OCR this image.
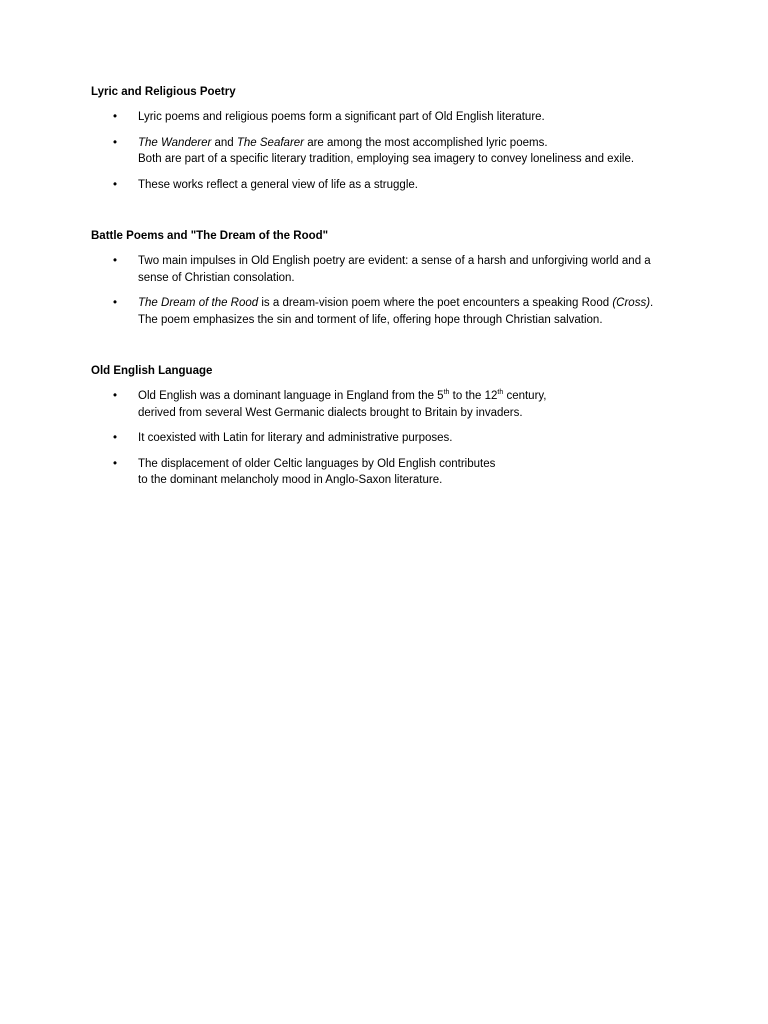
Lyric and Religious Poetry
• Lyric poems and religious poems form a significant part of Old English literature.
• The Wanderer and The Seafarer are among the most accomplished lyric poems.
Both are part of a specific literary tradition, employing sea imagery to convey loneliness and exile.
• These works reflect a general view of life as a struggle.
Battle Poems and "The Dream of the Rood"
• Two main impulses in Old English poetry are evident: a sense of a harsh and unforgiving world and a
sense of Christian consolation.
• The Dream of the Rood is a dream-vision poem where the poet encounters a speaking Rood (Cross).
The poem emphasizes the sin and torment of life, offering hope through Christian salvation.
Old English Language
• Old English was a dominant language in England from the 5th to the 12th century,
derived from several West Germanic dialects brought to Britain by invaders.
• It coexisted with Latin for literary and administrative purposes.
• The displacement of older Celtic languages by Old English contributes
to the dominant melancholy mood in Anglo-Saxon literature.
